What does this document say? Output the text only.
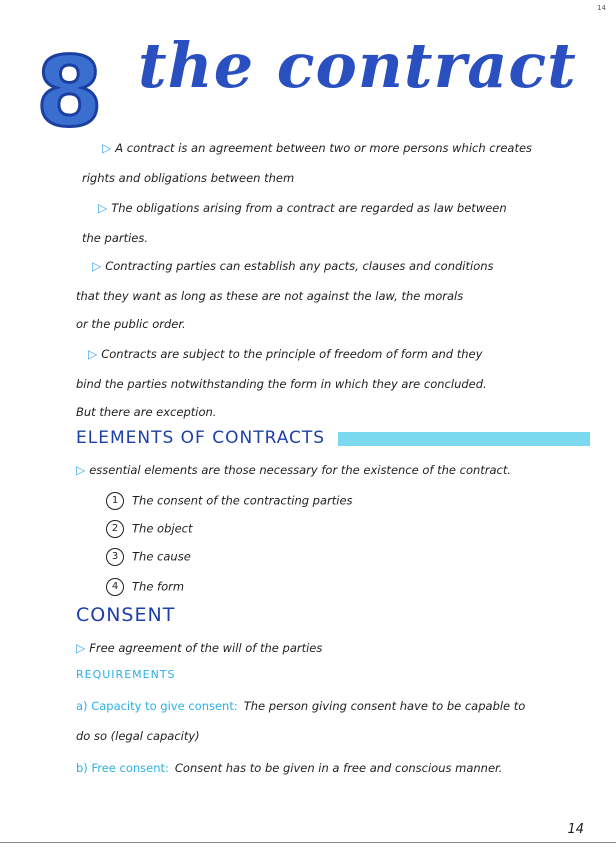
14
8 the contract
▷ A contract is an agreement between two or more persons which creates
rights and obligations between them
▷ The obligations arising from a contract are regarded as law between
the parties.
▷ Contracting parties can establish any pacts, clauses and conditions
that they want as long as these are not against the law, the morals
or the public order.
▷ Contracts are subject to the principle of freedom of form and they
bind the parties notwithstanding the form in which they are concluded.
But there are exception.
ELEMENTS OF CONTRACTS
▷ essential elements are those necessary for the existence of the contract.
1 The consent of the contracting parties
2 The object
3 The cause
4 The form
CONSENT
▷ Free agreement of the will of the parties
REQUIREMENTS
a) Capacity to give consent: The person giving consent have to be capable to
do so (legal capacity)
b) Free consent: Consent has to be given in a free and conscious manner.
14
